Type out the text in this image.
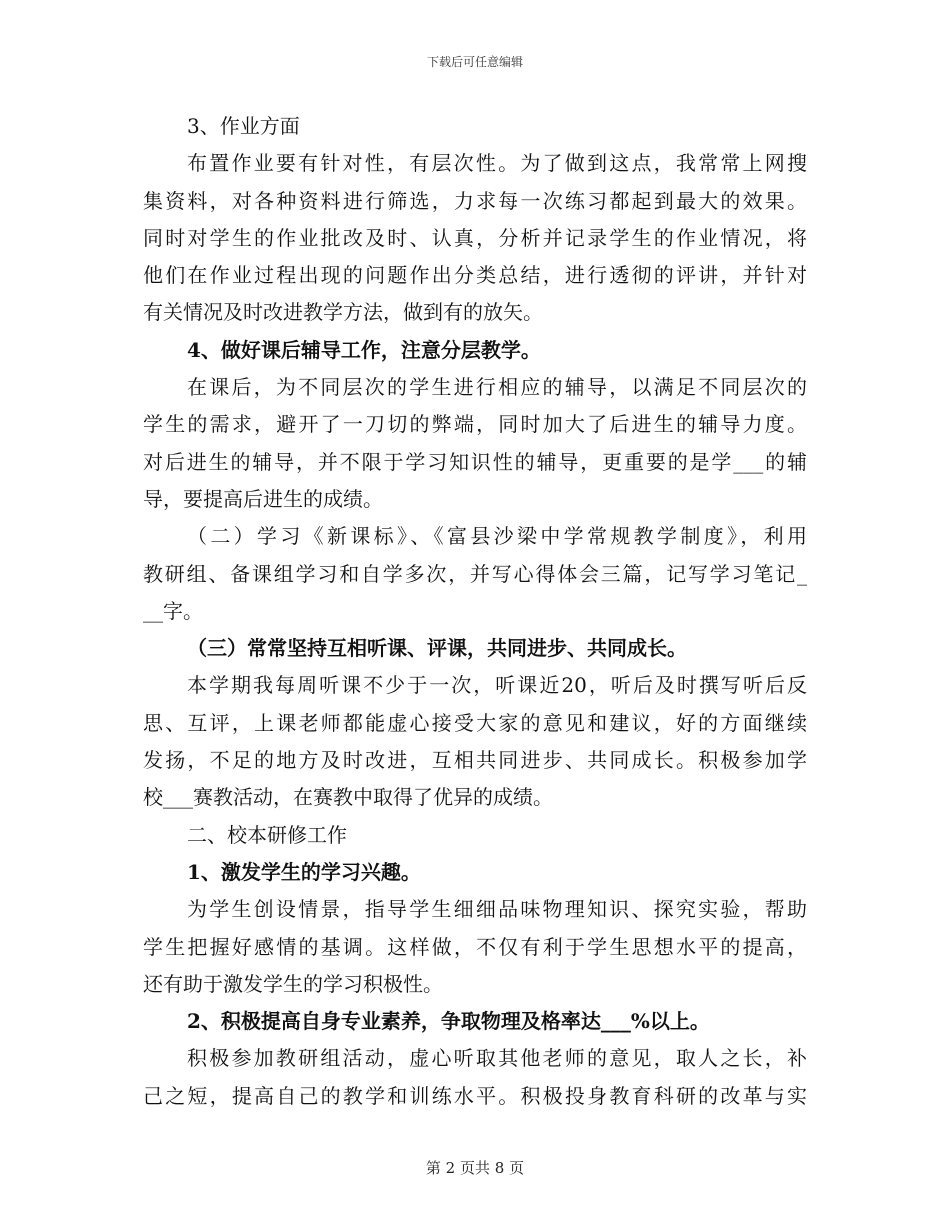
下载后可任意编辑
3、作业方面
布置作业要有针对性，有层次性。为了做到这点，我常常上网搜
集资料，对各种资料进行筛选，力求每一次练习都起到最大的效果。
同时对学生的作业批改及时、认真，分析并记录学生的作业情况，将
他们在作业过程出现的问题作出分类总结，进行透彻的评讲，并针对
有关情况及时改进教学方法，做到有的放矢。
4、做好课后辅导工作，注意分层教学。
在课后，为不同层次的学生进行相应的辅导，以满足不同层次的
学生的需求，避开了一刀切的弊端，同时加大了后进生的辅导力度。
对后进生的辅导，并不限于学习知识性的辅导，更重要的是学___的辅
导，要提高后进生的成绩。
（二）学习《新课标》、《富县沙梁中学常规教学制度》，利用
教研组、备课组学习和自学多次，并写心得体会三篇，记写学习笔记_
__字。
（三）常常坚持互相听课、评课，共同进步、共同成长。
本学期我每周听课不少于一次，听课近20，听后及时撰写听后反
思、互评，上课老师都能虚心接受大家的意见和建议，好的方面继续
发扬，不足的地方及时改进，互相共同进步、共同成长。积极参加学
校___赛教活动，在赛教中取得了优异的成绩。
二、校本研修工作
1、激发学生的学习兴趣。
为学生创设情景，指导学生细细品味物理知识、探究实验，帮助
学生把握好感情的基调。这样做，不仅有利于学生思想水平的提高，
还有助于激发学生的学习积极性。
2、积极提高自身专业素养，争取物理及格率达___%以上。
积极参加教研组活动，虚心听取其他老师的意见，取人之长，补
己之短，提高自己的教学和训练水平。积极投身教育科研的改革与实
第 2 页共 8 页
